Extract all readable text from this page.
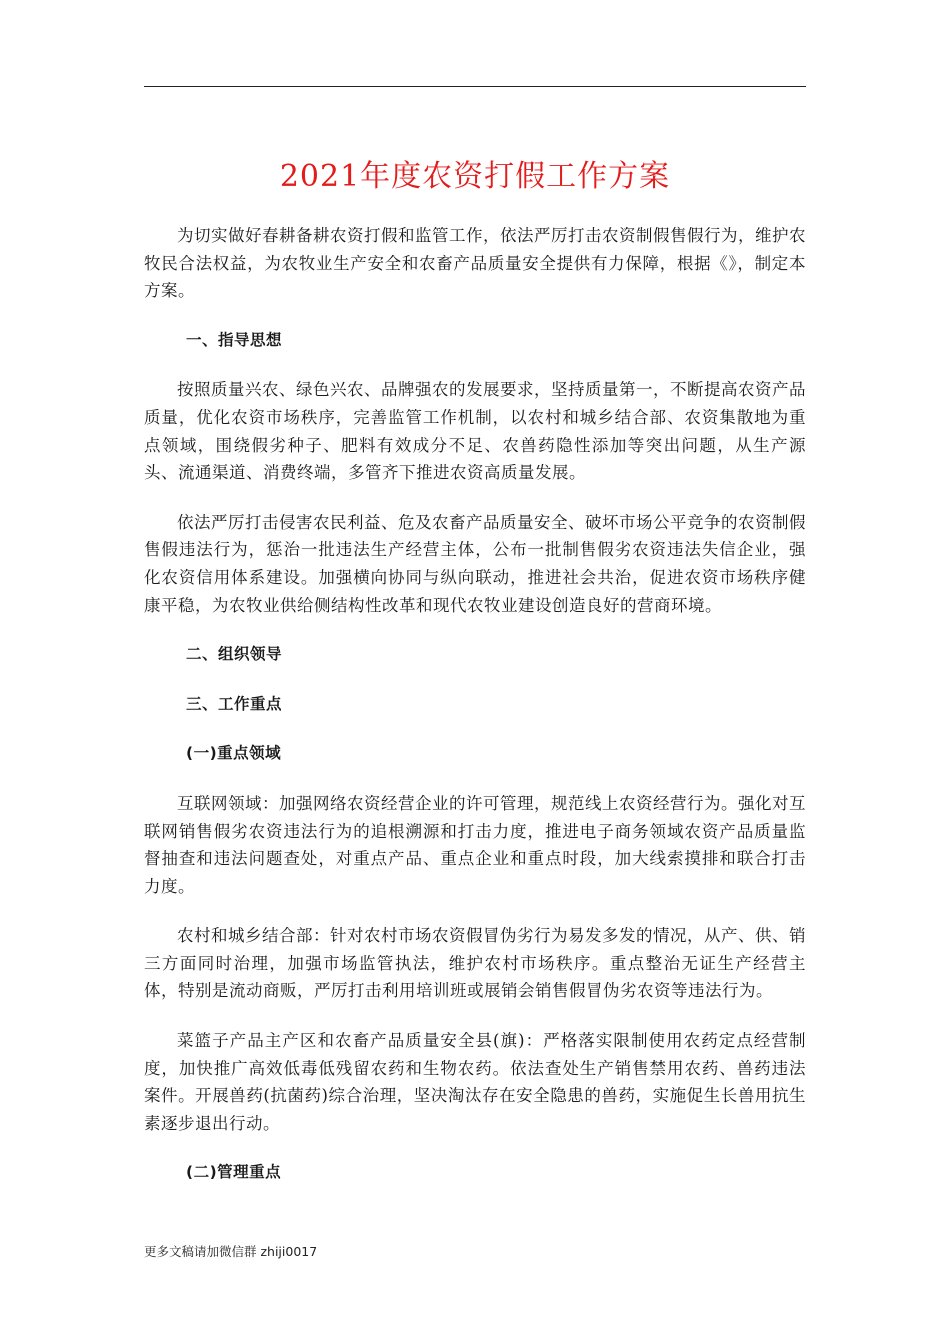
2021年度农资打假工作方案

为切实做好春耕备耕农资打假和监管工作，依法严厉打击农资制假售假行为，维护农牧民合法权益，为农牧业生产安全和农畜产品质量安全提供有力保障，根据《》，制定本方案。

一、指导思想

按照质量兴农、绿色兴农、品牌强农的发展要求，坚持质量第一，不断提高农资产品质量，优化农资市场秩序，完善监管工作机制，以农村和城乡结合部、农资集散地为重点领域，围绕假劣种子、肥料有效成分不足、农兽药隐性添加等突出问题，从生产源头、流通渠道、消费终端，多管齐下推进农资高质量发展。

依法严厉打击侵害农民利益、危及农畜产品质量安全、破坏市场公平竞争的农资制假售假违法行为，惩治一批违法生产经营主体，公布一批制售假劣农资违法失信企业，强化农资信用体系建设。加强横向协同与纵向联动，推进社会共治，促进农资市场秩序健康平稳，为农牧业供给侧结构性改革和现代农牧业建设创造良好的营商环境。

二、组织领导

三、工作重点

(一)重点领域

互联网领域：加强网络农资经营企业的许可管理，规范线上农资经营行为。强化对互联网销售假劣农资违法行为的追根溯源和打击力度，推进电子商务领域农资产品质量监督抽查和违法问题查处，对重点产品、重点企业和重点时段，加大线索摸排和联合打击力度。

农村和城乡结合部：针对农村市场农资假冒伪劣行为易发多发的情况，从产、供、销三方面同时治理，加强市场监管执法，维护农村市场秩序。重点整治无证生产经营主体，特别是流动商贩，严厉打击利用培训班或展销会销售假冒伪劣农资等违法行为。

菜篮子产品主产区和农畜产品质量安全县(旗)：严格落实限制使用农药定点经营制度，加快推广高效低毒低残留农药和生物农药。依法查处生产销售禁用农药、兽药违法案件。开展兽药(抗菌药)综合治理，坚决淘汰存在安全隐患的兽药，实施促生长兽用抗生素逐步退出行动。

(二)管理重点

更多文稿请加微信群 zhiji0017
